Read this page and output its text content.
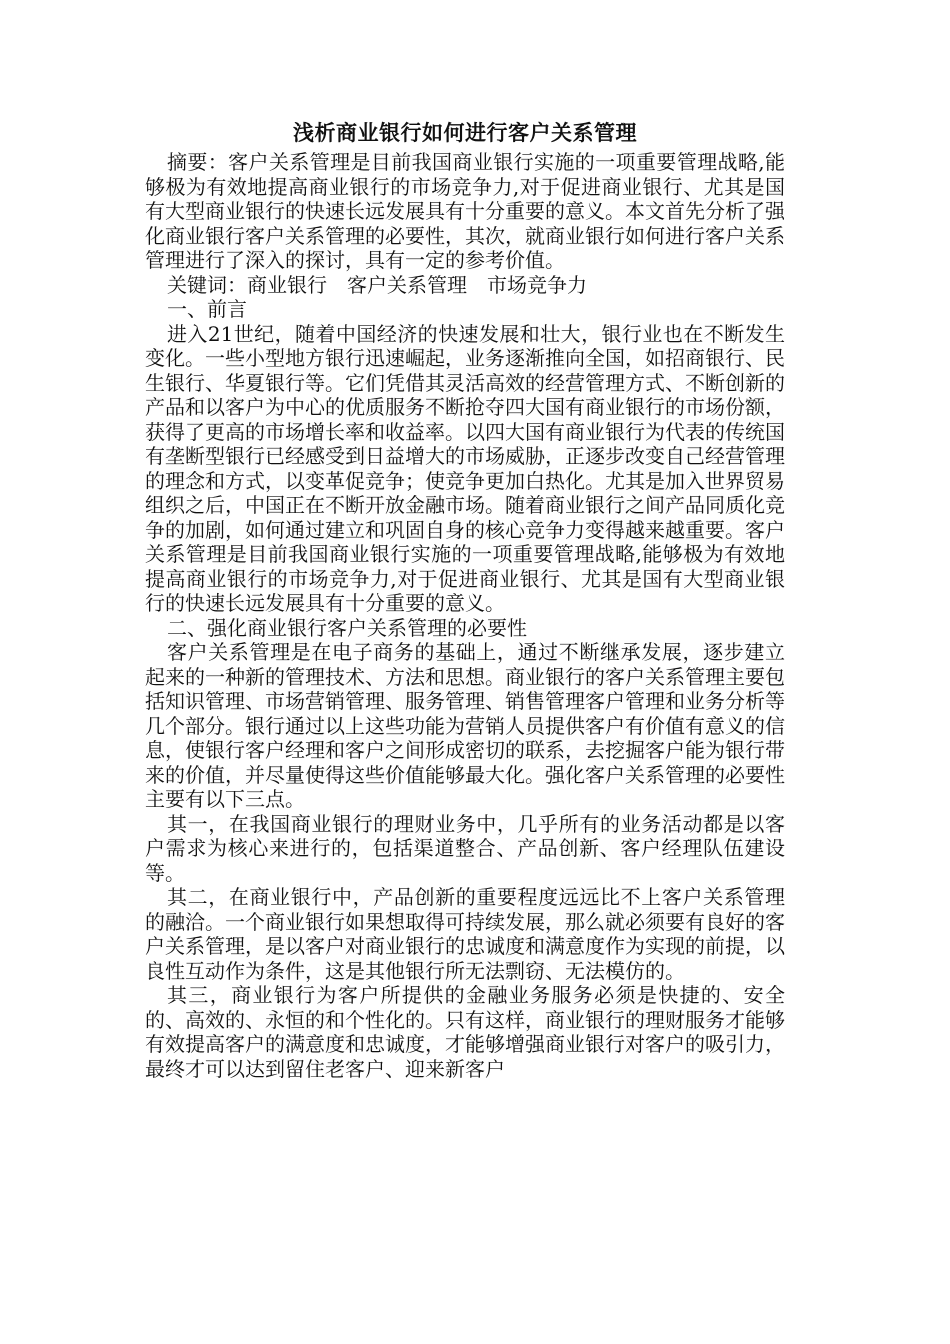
浅析商业银行如何进行客户关系管理

摘要：客户关系管理是目前我国商业银行实施的一项重要管理战略,能够极为有效地提高商业银行的市场竞争力,对于促进商业银行、尤其是国有大型商业银行的快速长远发展具有十分重要的意义。本文首先分析了强化商业银行客户关系管理的必要性，其次，就商业银行如何进行客户关系管理进行了深入的探讨，具有一定的参考价值。

关键词：商业银行　客户关系管理　市场竞争力

一、前言

进入21世纪，随着中国经济的快速发展和壮大，银行业也在不断发生变化。一些小型地方银行迅速崛起，业务逐渐推向全国，如招商银行、民生银行、华夏银行等。它们凭借其灵活高效的经营管理方式、不断创新的产品和以客户为中心的优质服务不断抢夺四大国有商业银行的市场份额，获得了更高的市场增长率和收益率。以四大国有商业银行为代表的传统国有垄断型银行已经感受到日益增大的市场威胁，正逐步改变自己经营管理的理念和方式，以变革促竞争；使竞争更加白热化。尤其是加入世界贸易组织之后，中国正在不断开放金融市场。随着商业银行之间产品同质化竞争的加剧，如何通过建立和巩固自身的核心竞争力变得越来越重要。客户关系管理是目前我国商业银行实施的一项重要管理战略,能够极为有效地提高商业银行的市场竞争力,对于促进商业银行、尤其是国有大型商业银行的快速长远发展具有十分重要的意义。

二、强化商业银行客户关系管理的必要性

客户关系管理是在电子商务的基础上，通过不断继承发展，逐步建立起来的一种新的管理技术、方法和思想。商业银行的客户关系管理主要包括知识管理、市场营销管理、服务管理、销售管理客户管理和业务分析等几个部分。银行通过以上这些功能为营销人员提供客户有价值有意义的信息，使银行客户经理和客户之间形成密切的联系，去挖掘客户能为银行带来的价值，并尽量使得这些价值能够最大化。强化客户关系管理的必要性主要有以下三点。

其一，在我国商业银行的理财业务中，几乎所有的业务活动都是以客户需求为核心来进行的，包括渠道整合、产品创新、客户经理队伍建设等。

其二，在商业银行中，产品创新的重要程度远远比不上客户关系管理的融洽。一个商业银行如果想取得可持续发展，那么就必须要有良好的客户关系管理，是以客户对商业银行的忠诚度和满意度作为实现的前提，以良性互动作为条件，这是其他银行所无法剽窃、无法模仿的。

其三，商业银行为客户所提供的金融业务服务必须是快捷的、安全的、高效的、永恒的和个性化的。只有这样，商业银行的理财服务才能够有效提高客户的满意度和忠诚度，才能够增强商业银行对客户的吸引力，最终才可以达到留住老客户、迎来新客户
